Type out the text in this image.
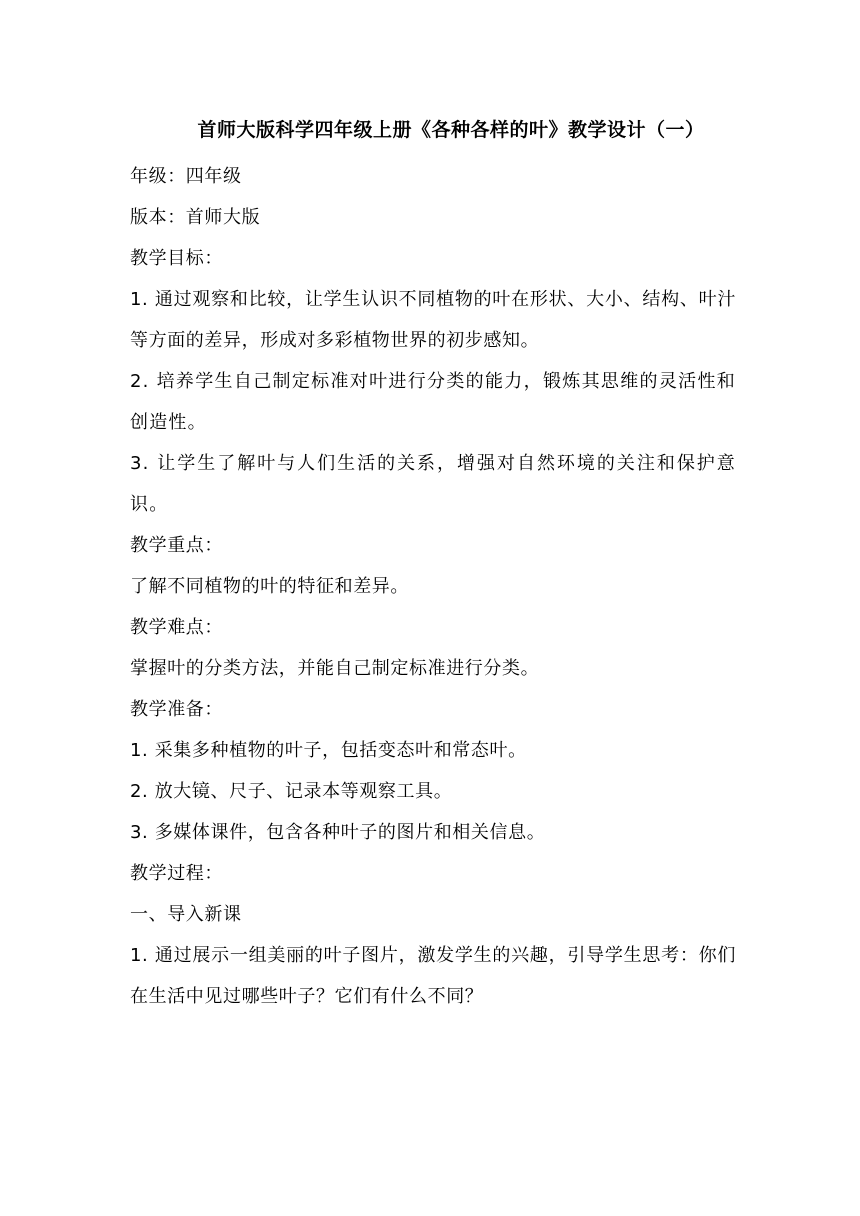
首师大版科学四年级上册《各种各样的叶》教学设计（一）

年级：四年级

版本：首师大版

教学目标：

1. 通过观察和比较，让学生认识不同植物的叶在形状、大小、结构、叶汁等方面的差异，形成对多彩植物世界的初步感知。

2. 培养学生自己制定标准对叶进行分类的能力，锻炼其思维的灵活性和创造性。

3. 让学生了解叶与人们生活的关系，增强对自然环境的关注和保护意识。

教学重点：

了解不同植物的叶的特征和差异。

教学难点：

掌握叶的分类方法，并能自己制定标准进行分类。

教学准备：

1. 采集多种植物的叶子，包括变态叶和常态叶。

2. 放大镜、尺子、记录本等观察工具。

3. 多媒体课件，包含各种叶子的图片和相关信息。

教学过程：

一、导入新课

1. 通过展示一组美丽的叶子图片，激发学生的兴趣，引导学生思考：你们在生活中见过哪些叶子？它们有什么不同？
